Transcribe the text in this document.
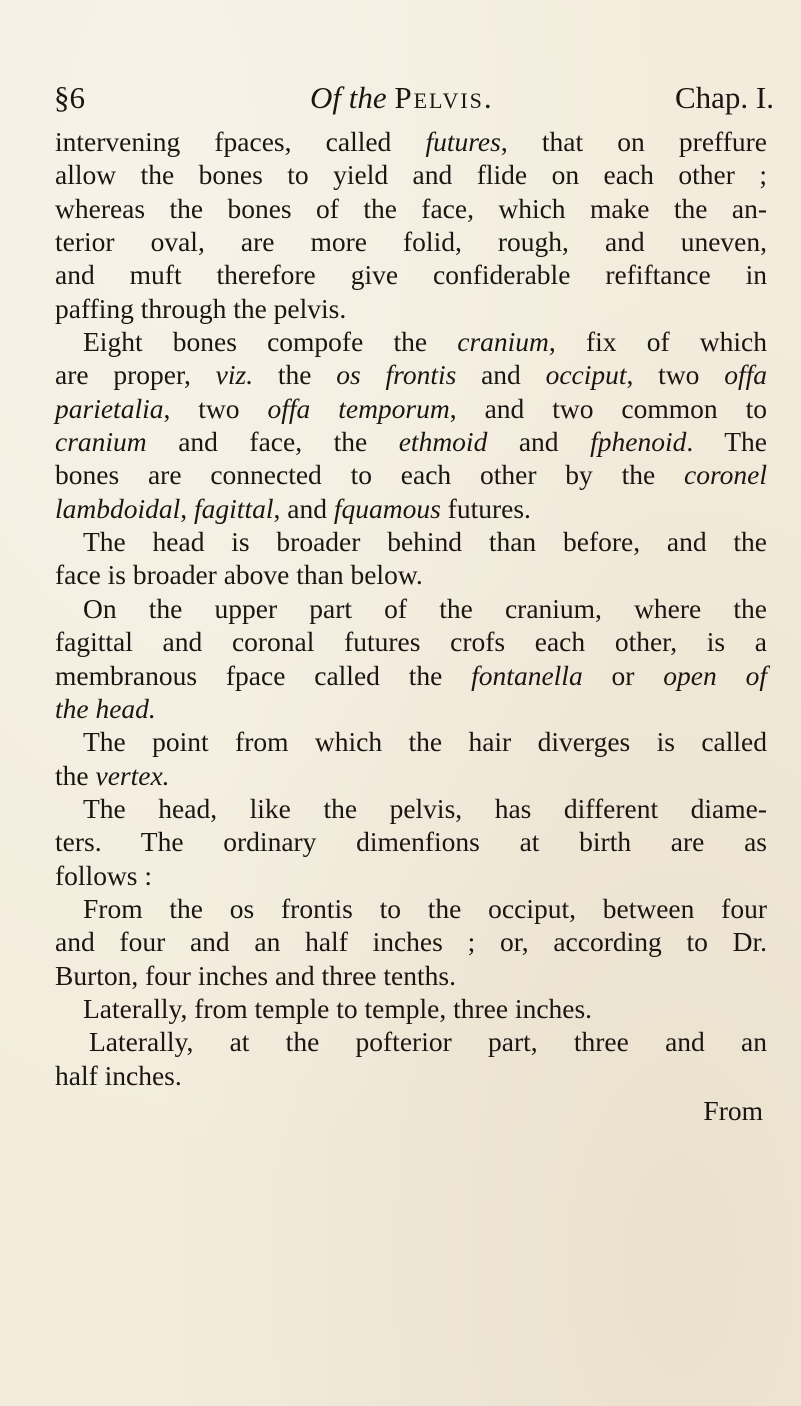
§6	Of the Pelvis.	Chap. I.
intervening fpaces, called futures, that on preffure
allow the bones to yield and flide on each other ;
whereas the bones of the face, which make the an-
terior oval, are more folid, rough, and uneven,
and muft therefore give confiderable refiftance in
paffing through the pelvis.
Eight bones compofe the cranium, fix of which
are proper, viz. the os frontis and occiput, two offa
parietalia, two offa temporum, and two common to
cranium and face, the ethmoid and fphenoid. The
bones are connected to each other by the coronel
lambdoidal, fagittal, and fquamous futures.
The head is broader behind than before, and the
face is broader above than below.
On the upper part of the cranium, where the
fagittal and coronal futures crofs each other, is a
membranous fpace called the fontanella or open of
the head.
The point from which the hair diverges is called
the vertex.
The head, like the pelvis, has different diame-
ters. The ordinary dimenfions at birth are as
follows :
From the os frontis to the occiput, between four
and four and an half inches ; or, according to Dr.
Burton, four inches and three tenths.
Laterally, from temple to temple, three inches.
Laterally, at the pofterior part, three and an
half inches.
From
